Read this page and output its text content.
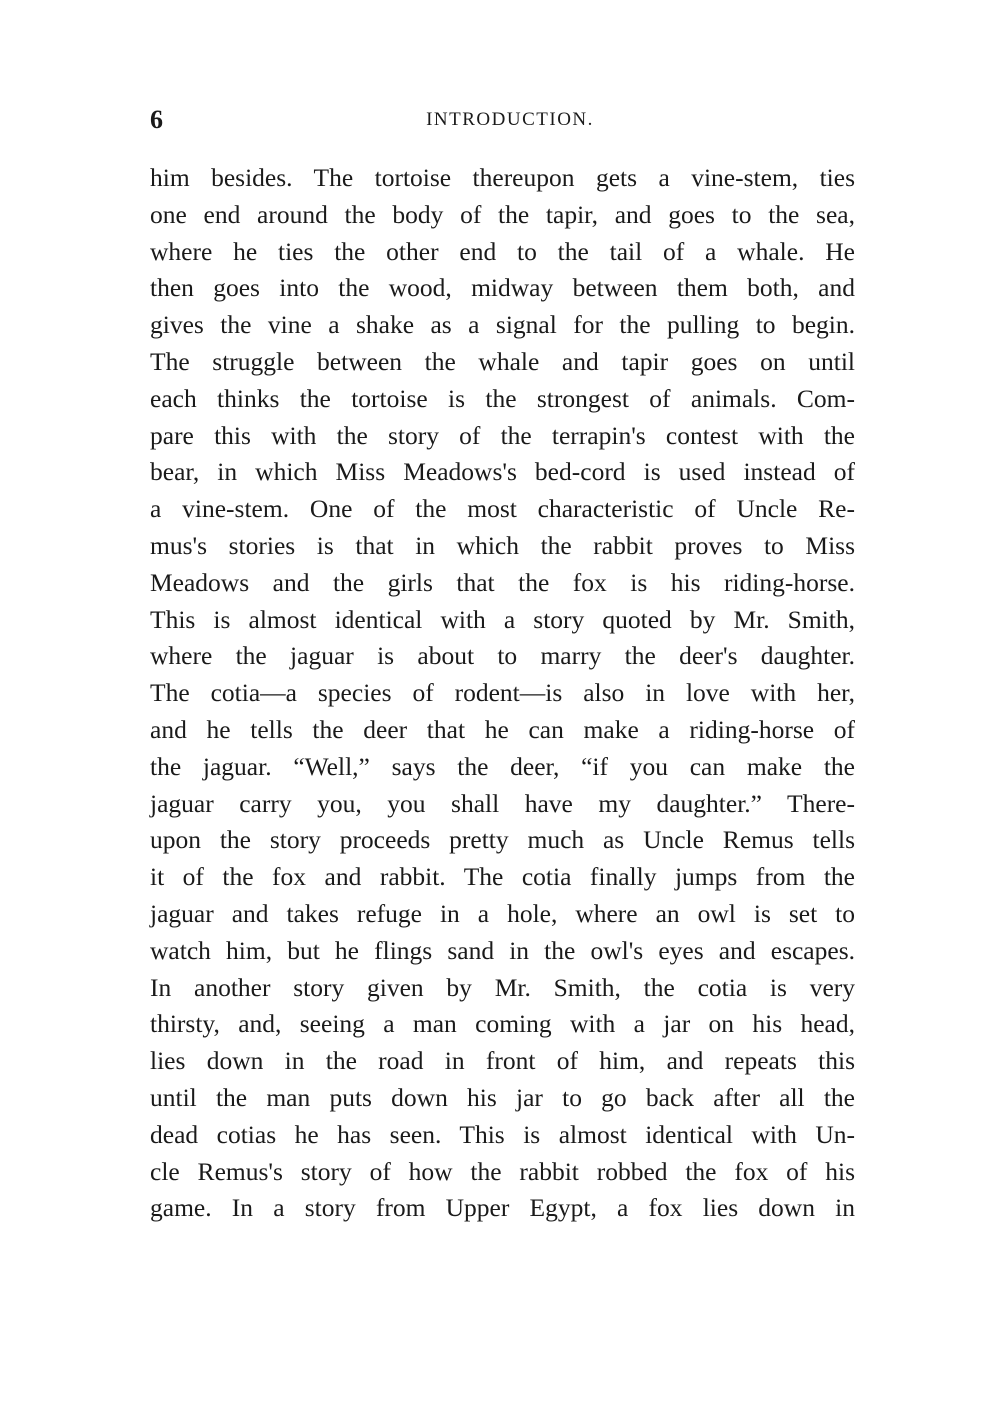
6	INTRODUCTION.
him besides. The tortoise thereupon gets a vine-stem, ties
one end around the body of the tapir, and goes to the sea,
where he ties the other end to the tail of a whale. He
then goes into the wood, midway between them both, and
gives the vine a shake as a signal for the pulling to begin.
The struggle between the whale and tapir goes on until
each thinks the tortoise is the strongest of animals. Com-
pare this with the story of the terrapin's contest with the
bear, in which Miss Meadows's bed-cord is used instead of
a vine-stem. One of the most characteristic of Uncle Re-
mus's stories is that in which the rabbit proves to Miss
Meadows and the girls that the fox is his riding-horse.
This is almost identical with a story quoted by Mr. Smith,
where the jaguar is about to marry the deer's daughter.
The cotia—a species of rodent—is also in love with her,
and he tells the deer that he can make a riding-horse of
the jaguar. “Well,” says the deer, “if you can make the
jaguar carry you, you shall have my daughter.” There-
upon the story proceeds pretty much as Uncle Remus tells
it of the fox and rabbit. The cotia finally jumps from the
jaguar and takes refuge in a hole, where an owl is set to
watch him, but he flings sand in the owl's eyes and escapes.
In another story given by Mr. Smith, the cotia is very
thirsty, and, seeing a man coming with a jar on his head,
lies down in the road in front of him, and repeats this
until the man puts down his jar to go back after all the
dead cotias he has seen. This is almost identical with Un-
cle Remus's story of how the rabbit robbed the fox of his
game. In a story from Upper Egypt, a fox lies down in
